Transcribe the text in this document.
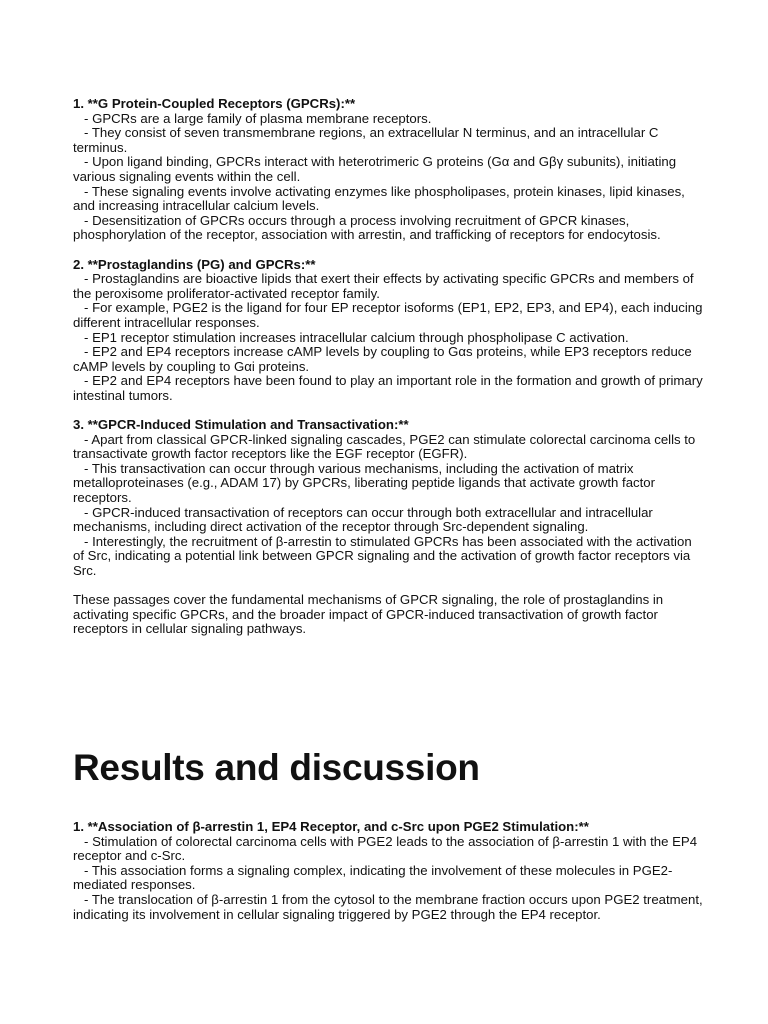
1. **G Protein-Coupled Receptors (GPCRs):**

- GPCRs are a large family of plasma membrane receptors.

- They consist of seven transmembrane regions, an extracellular N terminus, and an intracellular C terminus.

- Upon ligand binding, GPCRs interact with heterotrimeric G proteins (Gα and Gβγ subunits), initiating various signaling events within the cell.

- These signaling events involve activating enzymes like phospholipases, protein kinases, lipid kinases, and increasing intracellular calcium levels.

- Desensitization of GPCRs occurs through a process involving recruitment of GPCR kinases, phosphorylation of the receptor, association with arrestin, and trafficking of receptors for endocytosis.

2. **Prostaglandins (PG) and GPCRs:**

- Prostaglandins are bioactive lipids that exert their effects by activating specific GPCRs and members of the peroxisome proliferator-activated receptor family.

- For example, PGE2 is the ligand for four EP receptor isoforms (EP1, EP2, EP3, and EP4), each inducing different intracellular responses.

- EP1 receptor stimulation increases intracellular calcium through phospholipase C activation.

- EP2 and EP4 receptors increase cAMP levels by coupling to Gαs proteins, while EP3 receptors reduce cAMP levels by coupling to Gαi proteins.

- EP2 and EP4 receptors have been found to play an important role in the formation and growth of primary intestinal tumors.

3. **GPCR-Induced Stimulation and Transactivation:**

- Apart from classical GPCR-linked signaling cascades, PGE2 can stimulate colorectal carcinoma cells to transactivate growth factor receptors like the EGF receptor (EGFR).

- This transactivation can occur through various mechanisms, including the activation of matrix metalloproteinases (e.g., ADAM 17) by GPCRs, liberating peptide ligands that activate growth factor receptors.

- GPCR-induced transactivation of receptors can occur through both extracellular and intracellular mechanisms, including direct activation of the receptor through Src-dependent signaling.

- Interestingly, the recruitment of β-arrestin to stimulated GPCRs has been associated with the activation of Src, indicating a potential link between GPCR signaling and the activation of growth factor receptors via Src.

These passages cover the fundamental mechanisms of GPCR signaling, the role of prostaglandins in activating specific GPCRs, and the broader impact of GPCR-induced transactivation of growth factor receptors in cellular signaling pathways.

Results and discussion

1. **Association of β-arrestin 1, EP4 Receptor, and c-Src upon PGE2 Stimulation:**

- Stimulation of colorectal carcinoma cells with PGE2 leads to the association of β-arrestin 1 with the EP4 receptor and c-Src.

- This association forms a signaling complex, indicating the involvement of these molecules in PGE2-mediated responses.

- The translocation of β-arrestin 1 from the cytosol to the membrane fraction occurs upon PGE2 treatment, indicating its involvement in cellular signaling triggered by PGE2 through the EP4 receptor.
